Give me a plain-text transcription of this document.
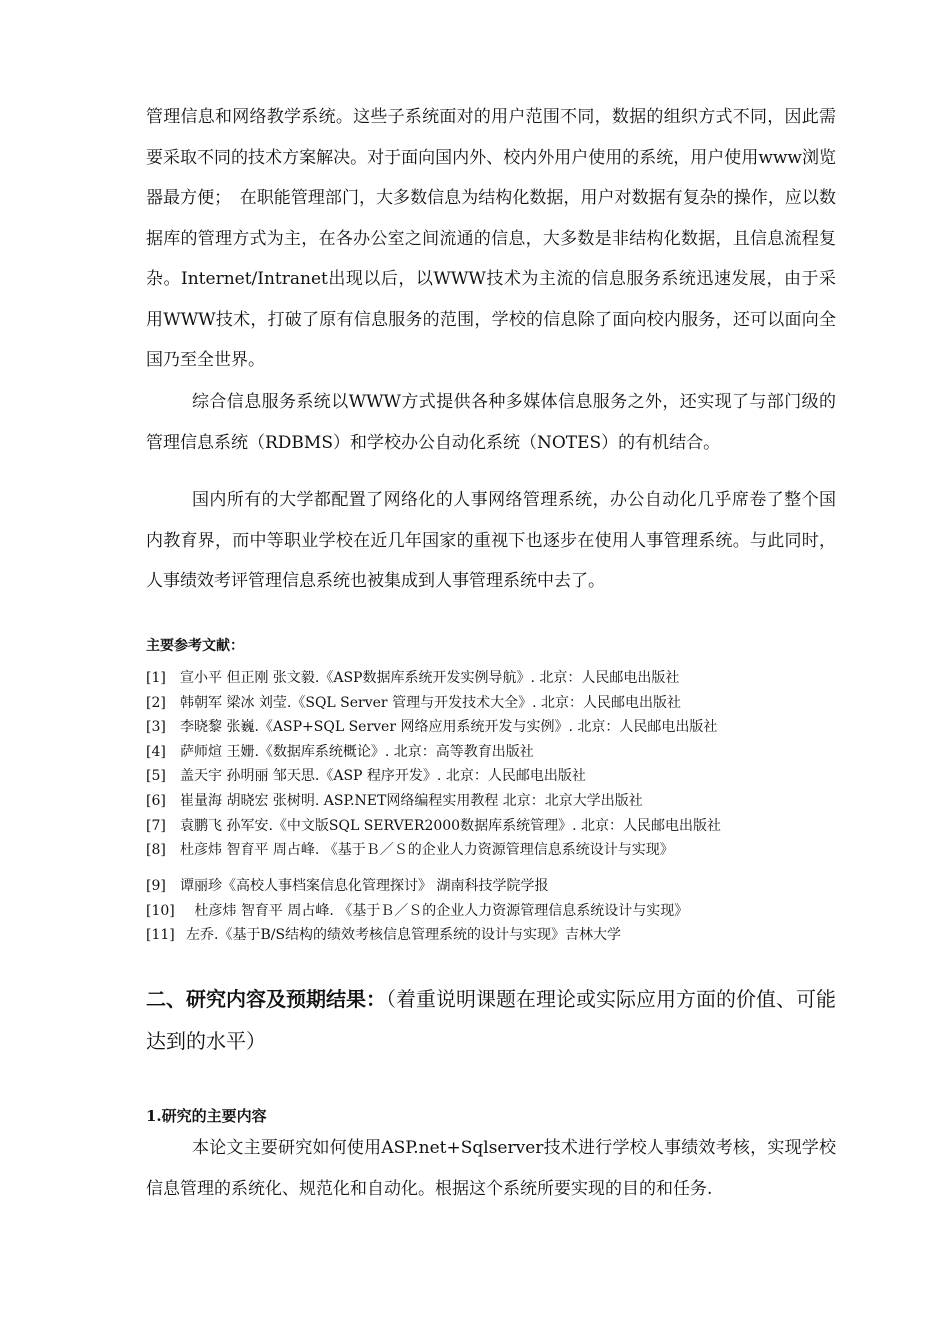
管理信息和网络教学系统。这些子系统面对的用户范围不同，数据的组织方式不同，因此需要采取不同的技术方案解决。对于面向国内外、校内外用户使用的系统，用户使用www浏览器最方便；　在职能管理部门，大多数信息为结构化数据，用户对数据有复杂的操作，应以数据库的管理方式为主，在各办公室之间流通的信息，大多数是非结构化数据，且信息流程复杂。Internet/Intranet出现以后，以WWW技术为主流的信息服务系统迅速发展，由于采用WWW技术，打破了原有信息服务的范围，学校的信息除了面向校内服务，还可以面向全国乃至全世界。

综合信息服务系统以WWW方式提供各种多媒体信息服务之外，还实现了与部门级的管理信息系统（RDBMS）和学校办公自动化系统（NOTES）的有机结合。

国内所有的大学都配置了网络化的人事网络管理系统，办公自动化几乎席卷了整个国内教育界，而中等职业学校在近几年国家的重视下也逐步在使用人事管理系统。与此同时，人事绩效考评管理信息系统也被集成到人事管理系统中去了。

主要参考文献：
[1] 宣小平 但正刚 张文毅.《ASP数据库系统开发实例导航》. 北京：人民邮电出版社
[2] 韩朝军 梁冰 刘莹.《SQL Server 管理与开发技术大全》. 北京：人民邮电出版社
[3] 李晓黎 张巍.《ASP+SQL Server 网络应用系统开发与实例》. 北京：人民邮电出版社
[4] 萨师煊 王姗.《数据库系统概论》. 北京：高等教育出版社
[5] 盖天宇 孙明丽 邹天思.《ASP 程序开发》. 北京：人民邮电出版社
[6] 崔量海 胡晓宏 张树明. ASP.NET网络编程实用教程 北京：北京大学出版社
[7] 袁鹏飞 孙军安.《中文版SQL SERVER2000数据库系统管理》. 北京：人民邮电出版社
[8] 杜彦炜 智育平 周占峰. 《基于Ｂ／Ｓ的企业人力资源管理信息系统设计与实现》
[9] 谭丽珍《高校人事档案信息化管理探讨》 湖南科技学院学报
[10] 杜彦炜 智育平 周占峰. 《基于Ｂ／Ｓ的企业人力资源管理信息系统设计与实现》
[11] 左乔.《基于B/S结构的绩效考核信息管理系统的设计与实现》吉林大学
二、研究内容及预期结果：（着重说明课题在理论或实际应用方面的价值、可能达到的水平）
1.研究的主要内容

本论文主要研究如何使用ASP.net+Sqlserver技术进行学校人事绩效考核，实现学校信息管理的系统化、规范化和自动化。根据这个系统所要实现的目的和任务.
